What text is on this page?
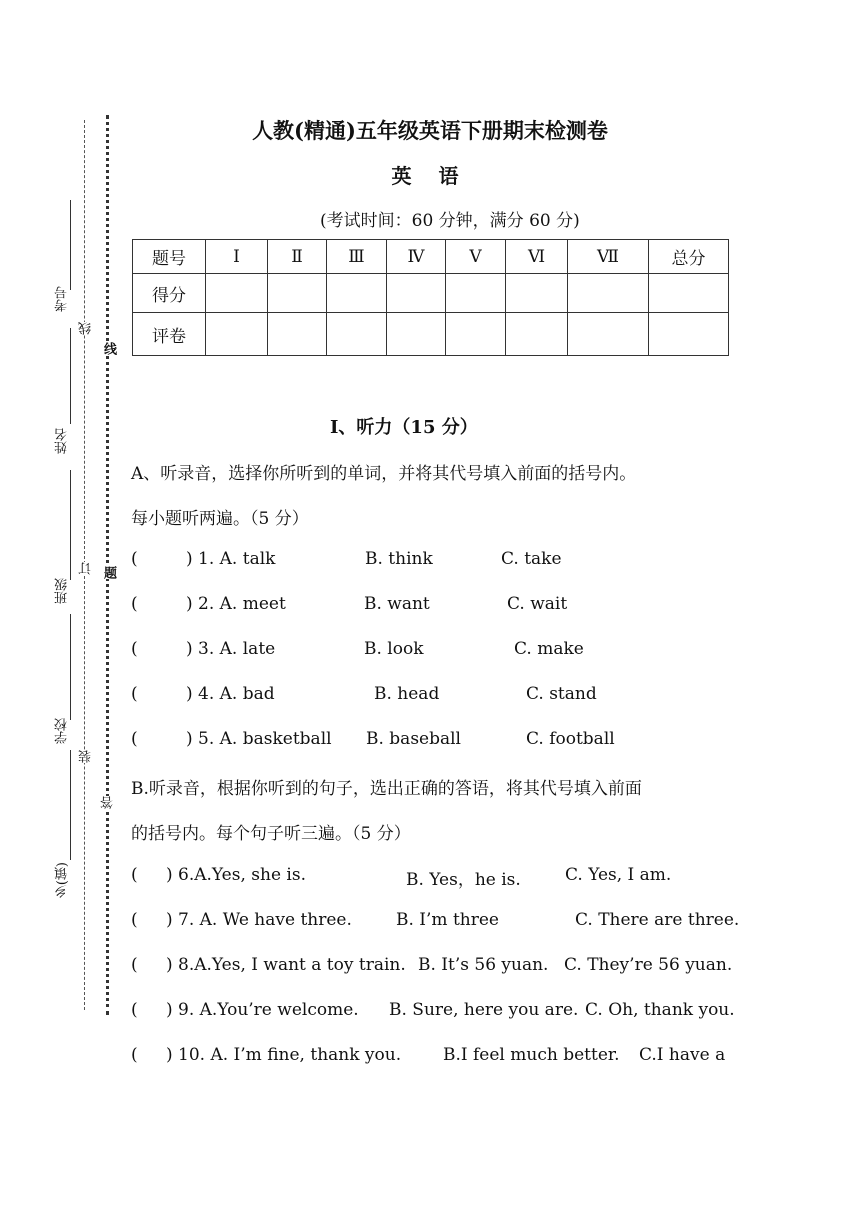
考号
姓名
班级
学校
乡(镇)
线
订
装
线
题
答
人教(精通)五年级英语下册期末检测卷
英 语
(考试时间：60 分钟，满分 60 分)
题号	Ⅰ	Ⅱ	Ⅲ	Ⅳ	Ⅴ	Ⅵ	Ⅶ	总分
得分								
评卷								
Ⅰ、听力（15 分）
A、听录音，选择你所听到的单词，并将其代号填入前面的括号内。
每小题听两遍。（5 分）
(	) 1. A. talk	B. think	C. take
(	) 2. A. meet	B. want	C. wait
(	) 3. A. late	B. look	C. make
(	) 4. A. bad	B. head	C. stand
(	) 5. A. basketball B. baseball	C. football
B.听录音，根据你听到的句子，选出正确的答语，将其代号填入前面
的括号内。每个句子听三遍。（5 分）
( ) 6.A.Yes, she is.	B. Yes，he is.	C. Yes, I am.
( ) 7. A. We have three.	B. I’m three	C. There are three.
( ) 8.A.Yes, I want a toy train. B. It’s 56 yuan. C. They’re 56 yuan.
( ) 9. A.You’re welcome. B. Sure, here you are. C. Oh, thank you.
( ) 10. A. I’m fine, thank you. B.I feel much better. C.I have a
